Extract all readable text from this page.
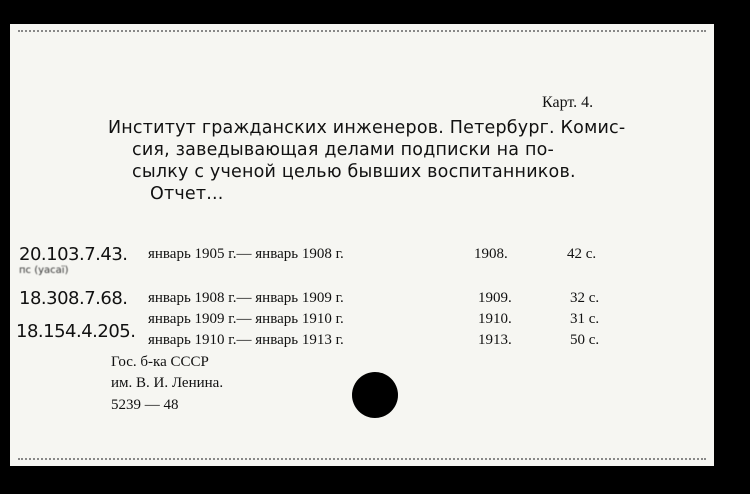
Карт. 4.
Институт гражданских инженеров. Петербург. Комис-
сия, заведывающая делами подписки на по-
сылку с ученой целью бывших воспитанников.
Отчет...
20.103.7.43.
пс (уасаї)
январь 1905 г.— январь 1908 г.	1908.	42 с.
18.308.7.68. январь 1908 г.— январь 1909 г.	1909.	32 с.
январь 1909 г.— январь 1910 г.	1910.	31 с.
18.154.4.205. январь 1910 г.— январь 1913 г.	1913.	50 с.
Гос. б-ка СССР
им. В. И. Ленина.
5239 — 48
